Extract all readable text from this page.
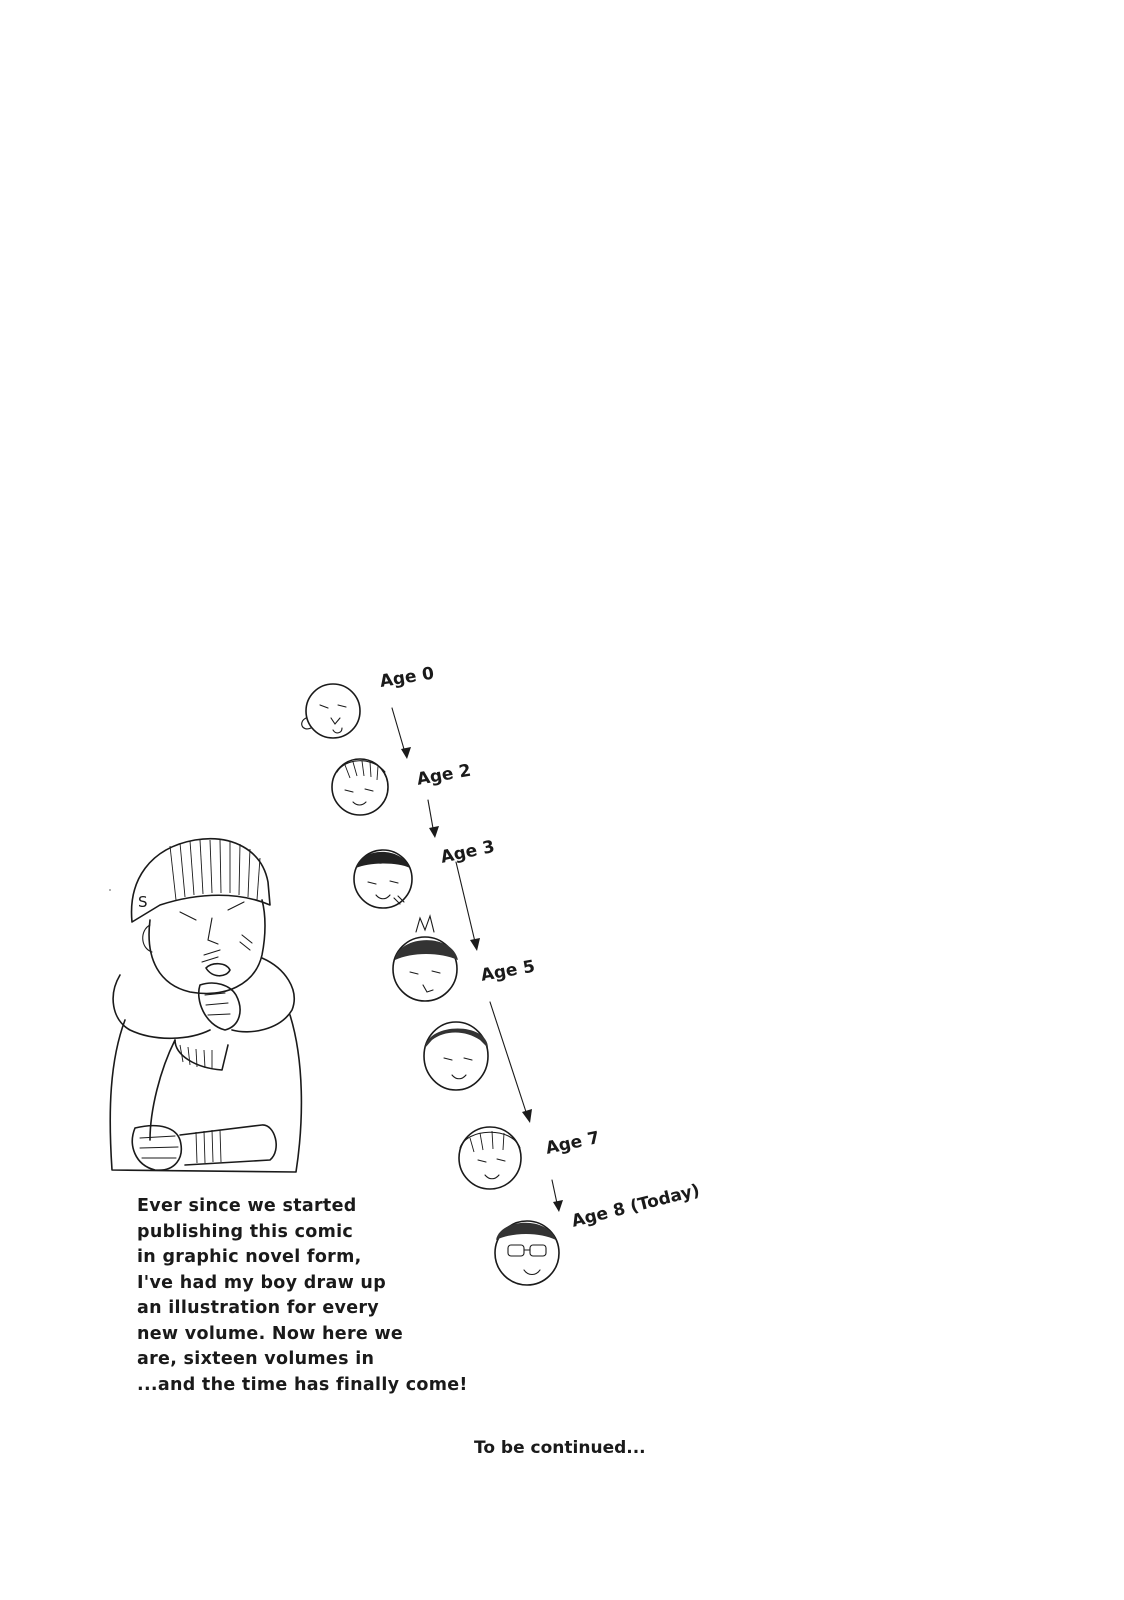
S
Age 0
Age 2
Age 3
Age 5
Age 7
Age 8 (Today)
Ever since we started
publishing this comic
in graphic novel form,
I've had my boy draw up
an illustration for every
new volume. Now here we
are, sixteen volumes in
...and the time has finally come!
To be continued...
